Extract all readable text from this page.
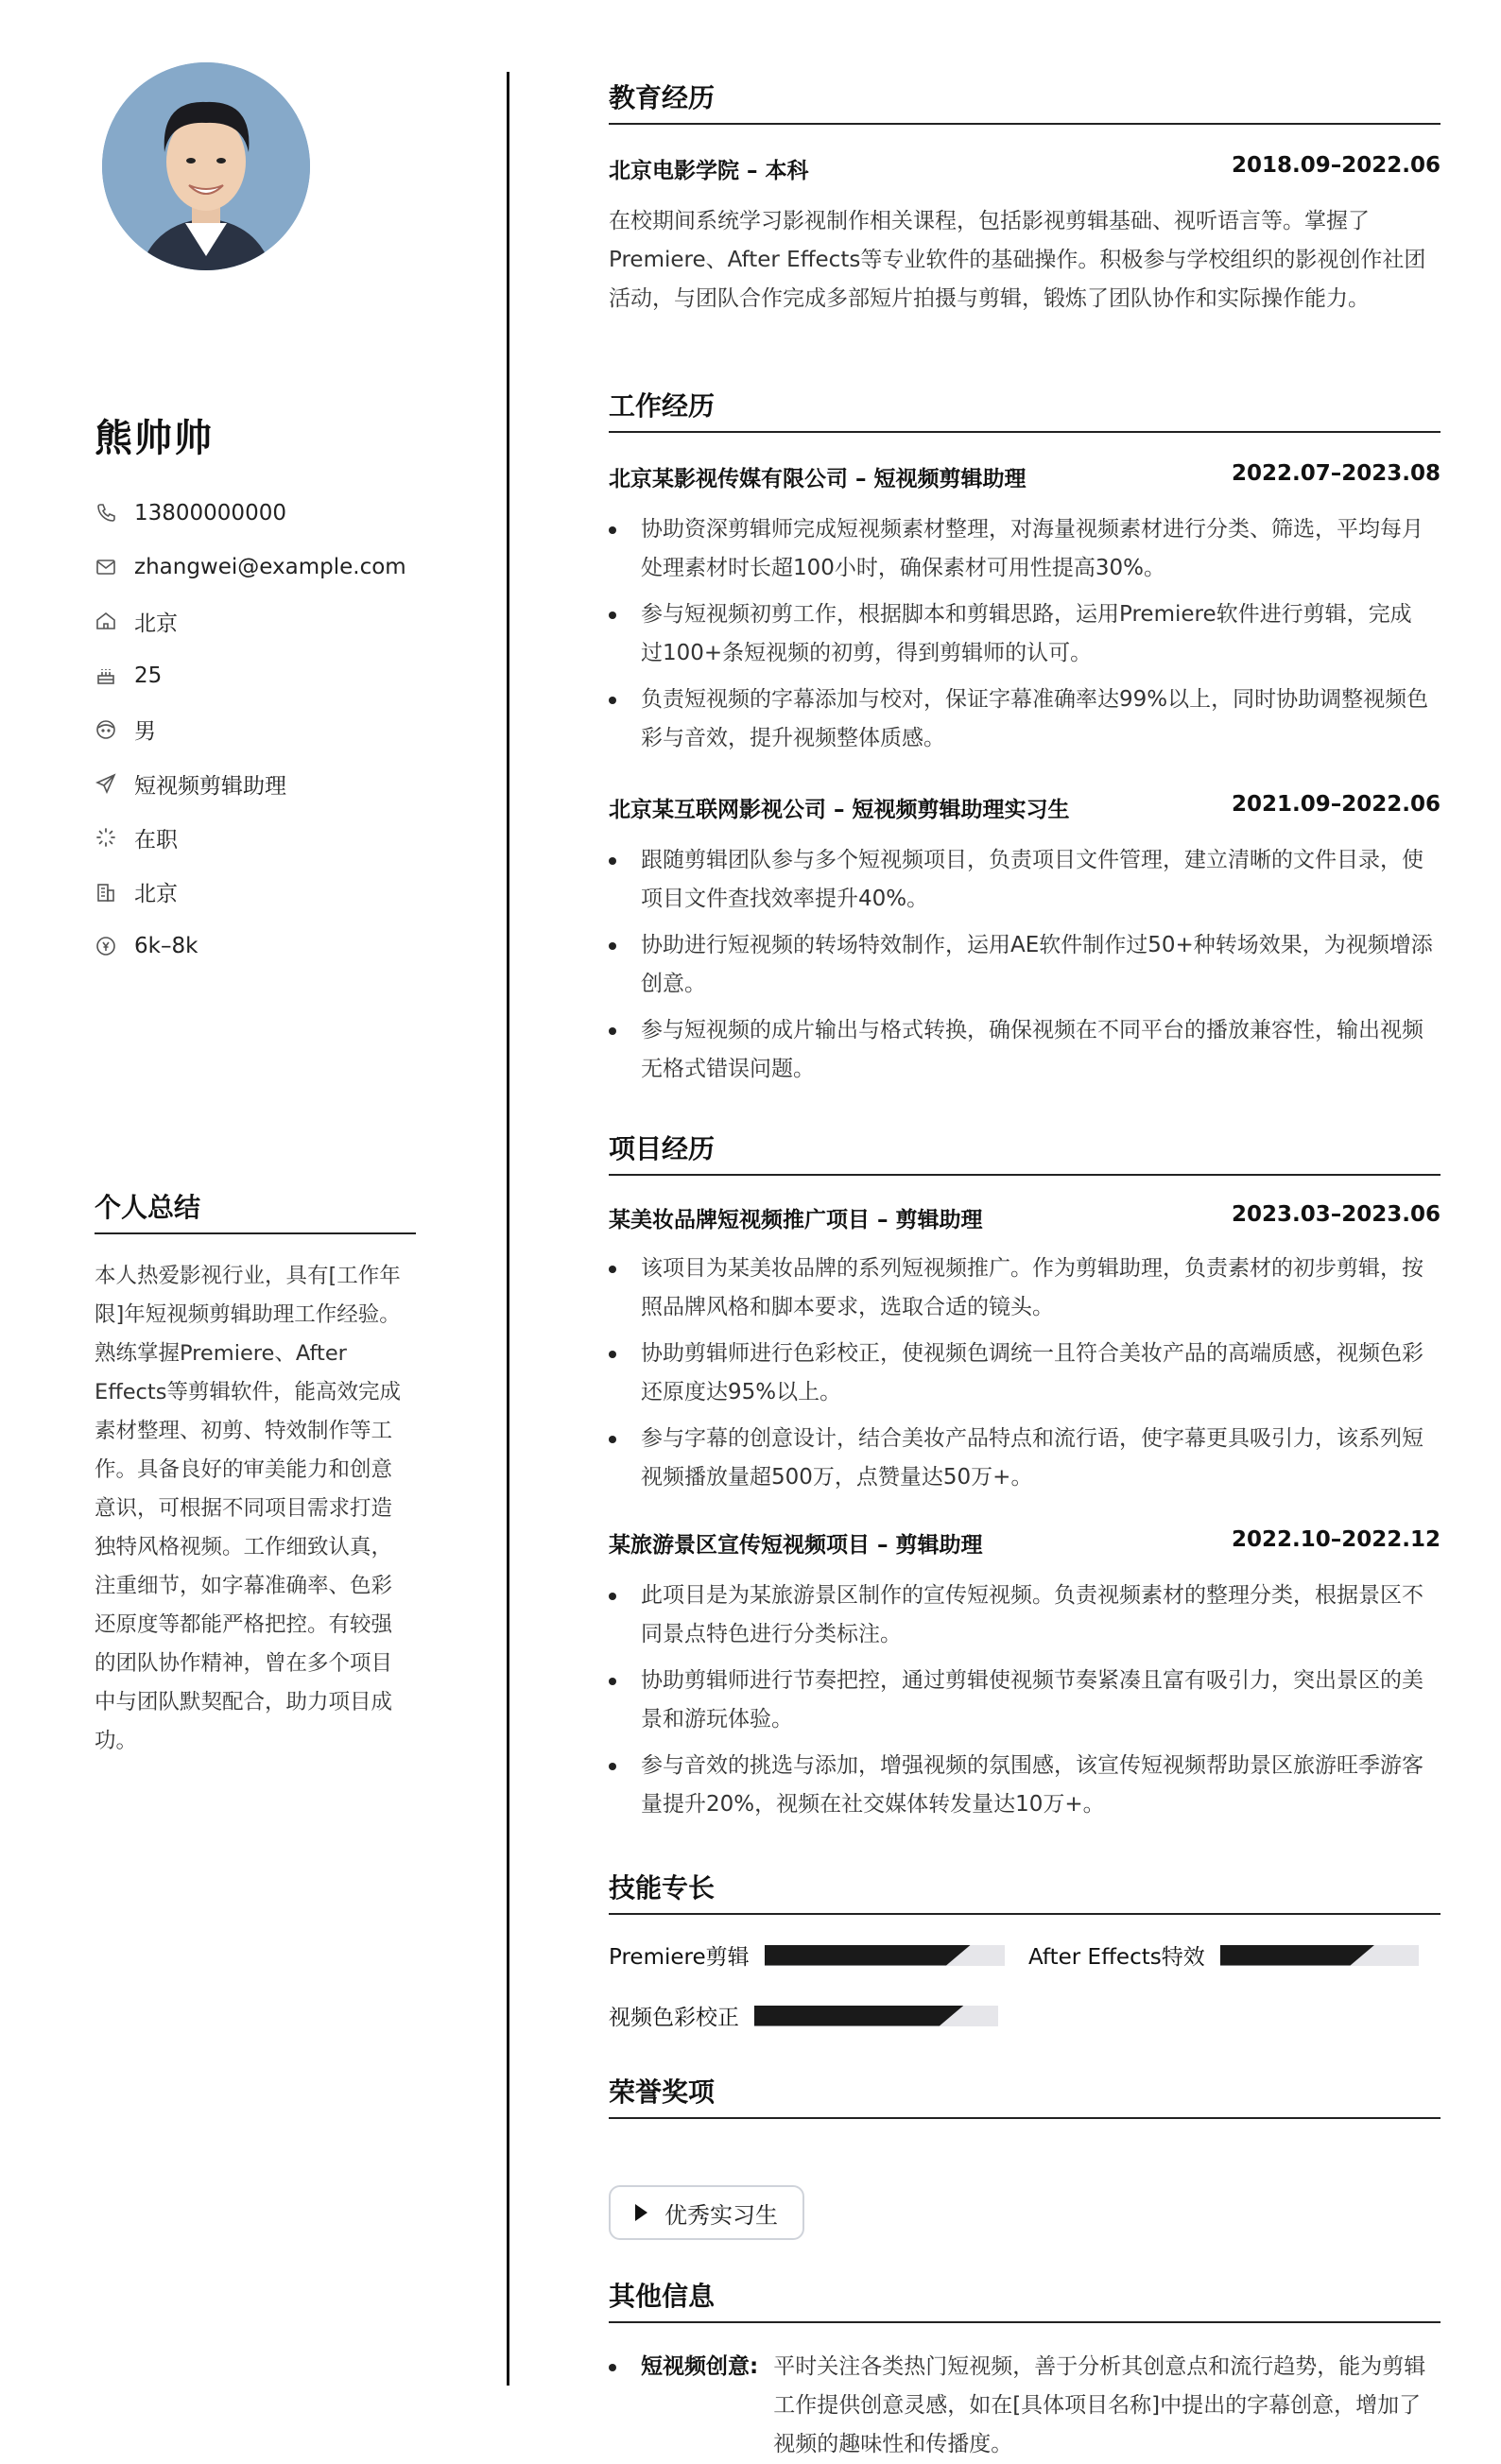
熊帅帅
13800000000
zhangwei@example.com
北京
25
男
短视频剪辑助理
在职
北京
6k–8k
个人总结

本人热爱影视行业，具有[工作年限]年短视频剪辑助理工作经验。熟练掌握Premiere、After Effects等剪辑软件，能高效完成素材整理、初剪、特效制作等工作。具备良好的审美能力和创意意识，可根据不同项目需求打造独特风格视频。工作细致认真，注重细节，如字幕准确率、色彩还原度等都能严格把控。有较强的团队协作精神，曾在多个项目中与团队默契配合，助力项目成功。

教育经历
北京电影学院 – 本科	2018.09–2022.06

在校期间系统学习影视制作相关课程，包括影视剪辑基础、视听语言等。掌握了Premiere、After Effects等专业软件的基础操作。积极参与学校组织的影视创作社团活动，与团队合作完成多部短片拍摄与剪辑，锻炼了团队协作和实际操作能力。

工作经历
北京某影视传媒有限公司 – 短视频剪辑助理	2022.07–2023.08
协助资深剪辑师完成短视频素材整理，对海量视频素材进行分类、筛选，平均每月处理素材时长超100小时，确保素材可用性提高30%。
参与短视频初剪工作，根据脚本和剪辑思路，运用Premiere软件进行剪辑，完成过100+条短视频的初剪，得到剪辑师的认可。
负责短视频的字幕添加与校对，保证字幕准确率达99%以上，同时协助调整视频色彩与音效，提升视频整体质感。
北京某互联网影视公司 – 短视频剪辑助理实习生	2021.09–2022.06
跟随剪辑团队参与多个短视频项目，负责项目文件管理，建立清晰的文件目录，使项目文件查找效率提升40%。
协助进行短视频的转场特效制作，运用AE软件制作过50+种转场效果，为视频增添创意。
参与短视频的成片输出与格式转换，确保视频在不同平台的播放兼容性，输出视频无格式错误问题。
项目经历
某美妆品牌短视频推广项目 – 剪辑助理	2023.03–2023.06
该项目为某美妆品牌的系列短视频推广。作为剪辑助理，负责素材的初步剪辑，按照品牌风格和脚本要求，选取合适的镜头。
协助剪辑师进行色彩校正，使视频色调统一且符合美妆产品的高端质感，视频色彩还原度达95%以上。
参与字幕的创意设计，结合美妆产品特点和流行语，使字幕更具吸引力，该系列短视频播放量超500万，点赞量达50万+。
某旅游景区宣传短视频项目 – 剪辑助理	2022.10–2022.12
此项目是为某旅游景区制作的宣传短视频。负责视频素材的整理分类，根据景区不同景点特色进行分类标注。
协助剪辑师进行节奏把控，通过剪辑使视频节奏紧凑且富有吸引力，突出景区的美景和游玩体验。
参与音效的挑选与添加，增强视频的氛围感，该宣传短视频帮助景区旅游旺季游客量提升20%，视频在社交媒体转发量达10万+。
技能专长
Premiere剪辑	After Effects特效
视频色彩校正
荣誉奖项
优秀实习生
其他信息
短视频创意: 平时关注各类热门短视频，善于分析其创意点和流行趋势，能为剪辑工作提供创意灵感，如在[具体项目名称]中提出的字幕创意，增加了视频的趣味性和传播度。
